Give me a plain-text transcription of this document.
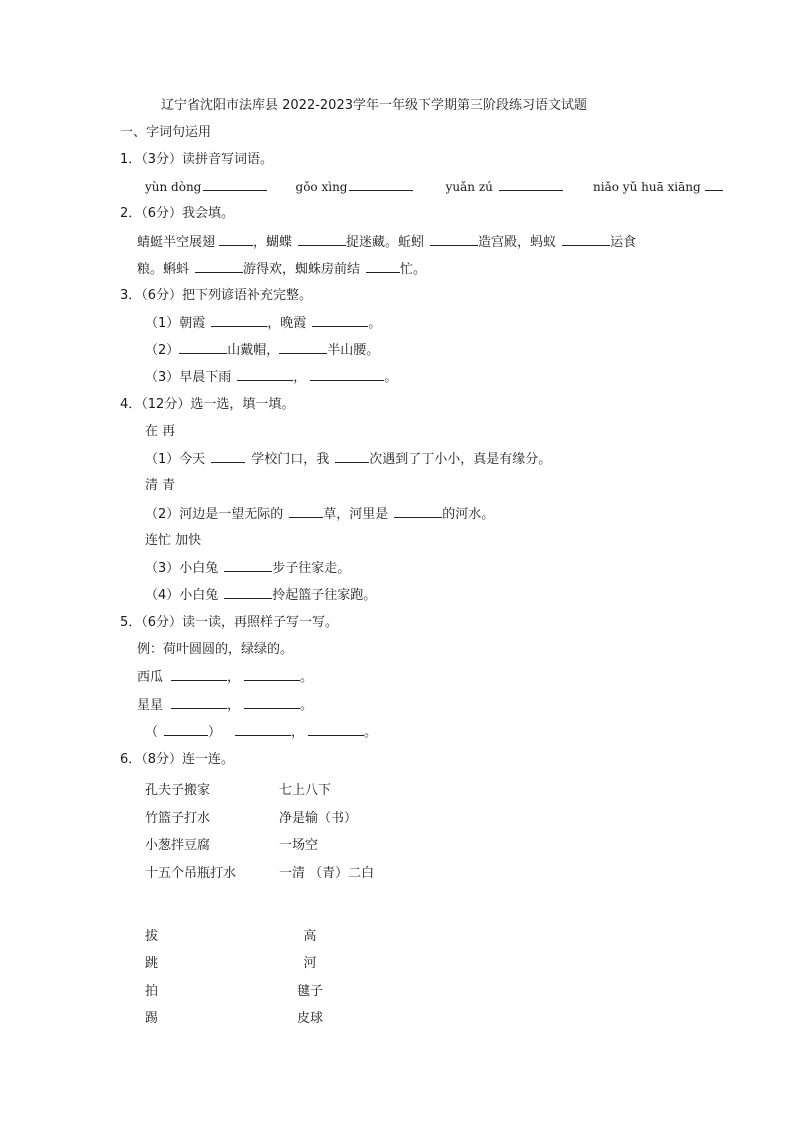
辽宁省沈阳市法库县 2022-2023学年一年级下学期第三阶段练习语文试题
一、字词句运用
1．（3分）读拼音写词语。
yùn dòng	gǒo xìng	yuǎn zú	niǎo yǔ huā xiāng
2．（6分）我会填。
蜻蜓半空展翅	，蝴蝶	捉迷藏。蚯蚓	造宫殿，蚂蚁	运食
粮。蝌蚪	游得欢，蜘蛛房前结	忙。
3．（6分）把下列谚语补充完整。
（1）朝霞	，晚霞	。
（2）	山戴帽，	半山腰。
（3）早晨下雨	，	。
4．（12分）选一选，填一填。
在 再
（1）今天	学校门口，我	次遇到了丁小小，真是有缘分。
清 青
（2）河边是一望无际的	草，河里是	的河水。
连忙 加快
（3）小白兔	步子往家走。
（4）小白兔	拎起篮子往家跑。
5．（6分）读一读，再照样子写一写。
例：荷叶圆圆的，绿绿的。
西瓜	，	。
星星	，	。
（	）	，	。
6．（8分）连一连。
孔夫子搬家
竹篮子打水
小葱拌豆腐
十五个吊瓶打水
七上八下
净是输（书）
一场空
一清 （青）二白
拔
跳
拍
踢
高
河
毽子
皮球
